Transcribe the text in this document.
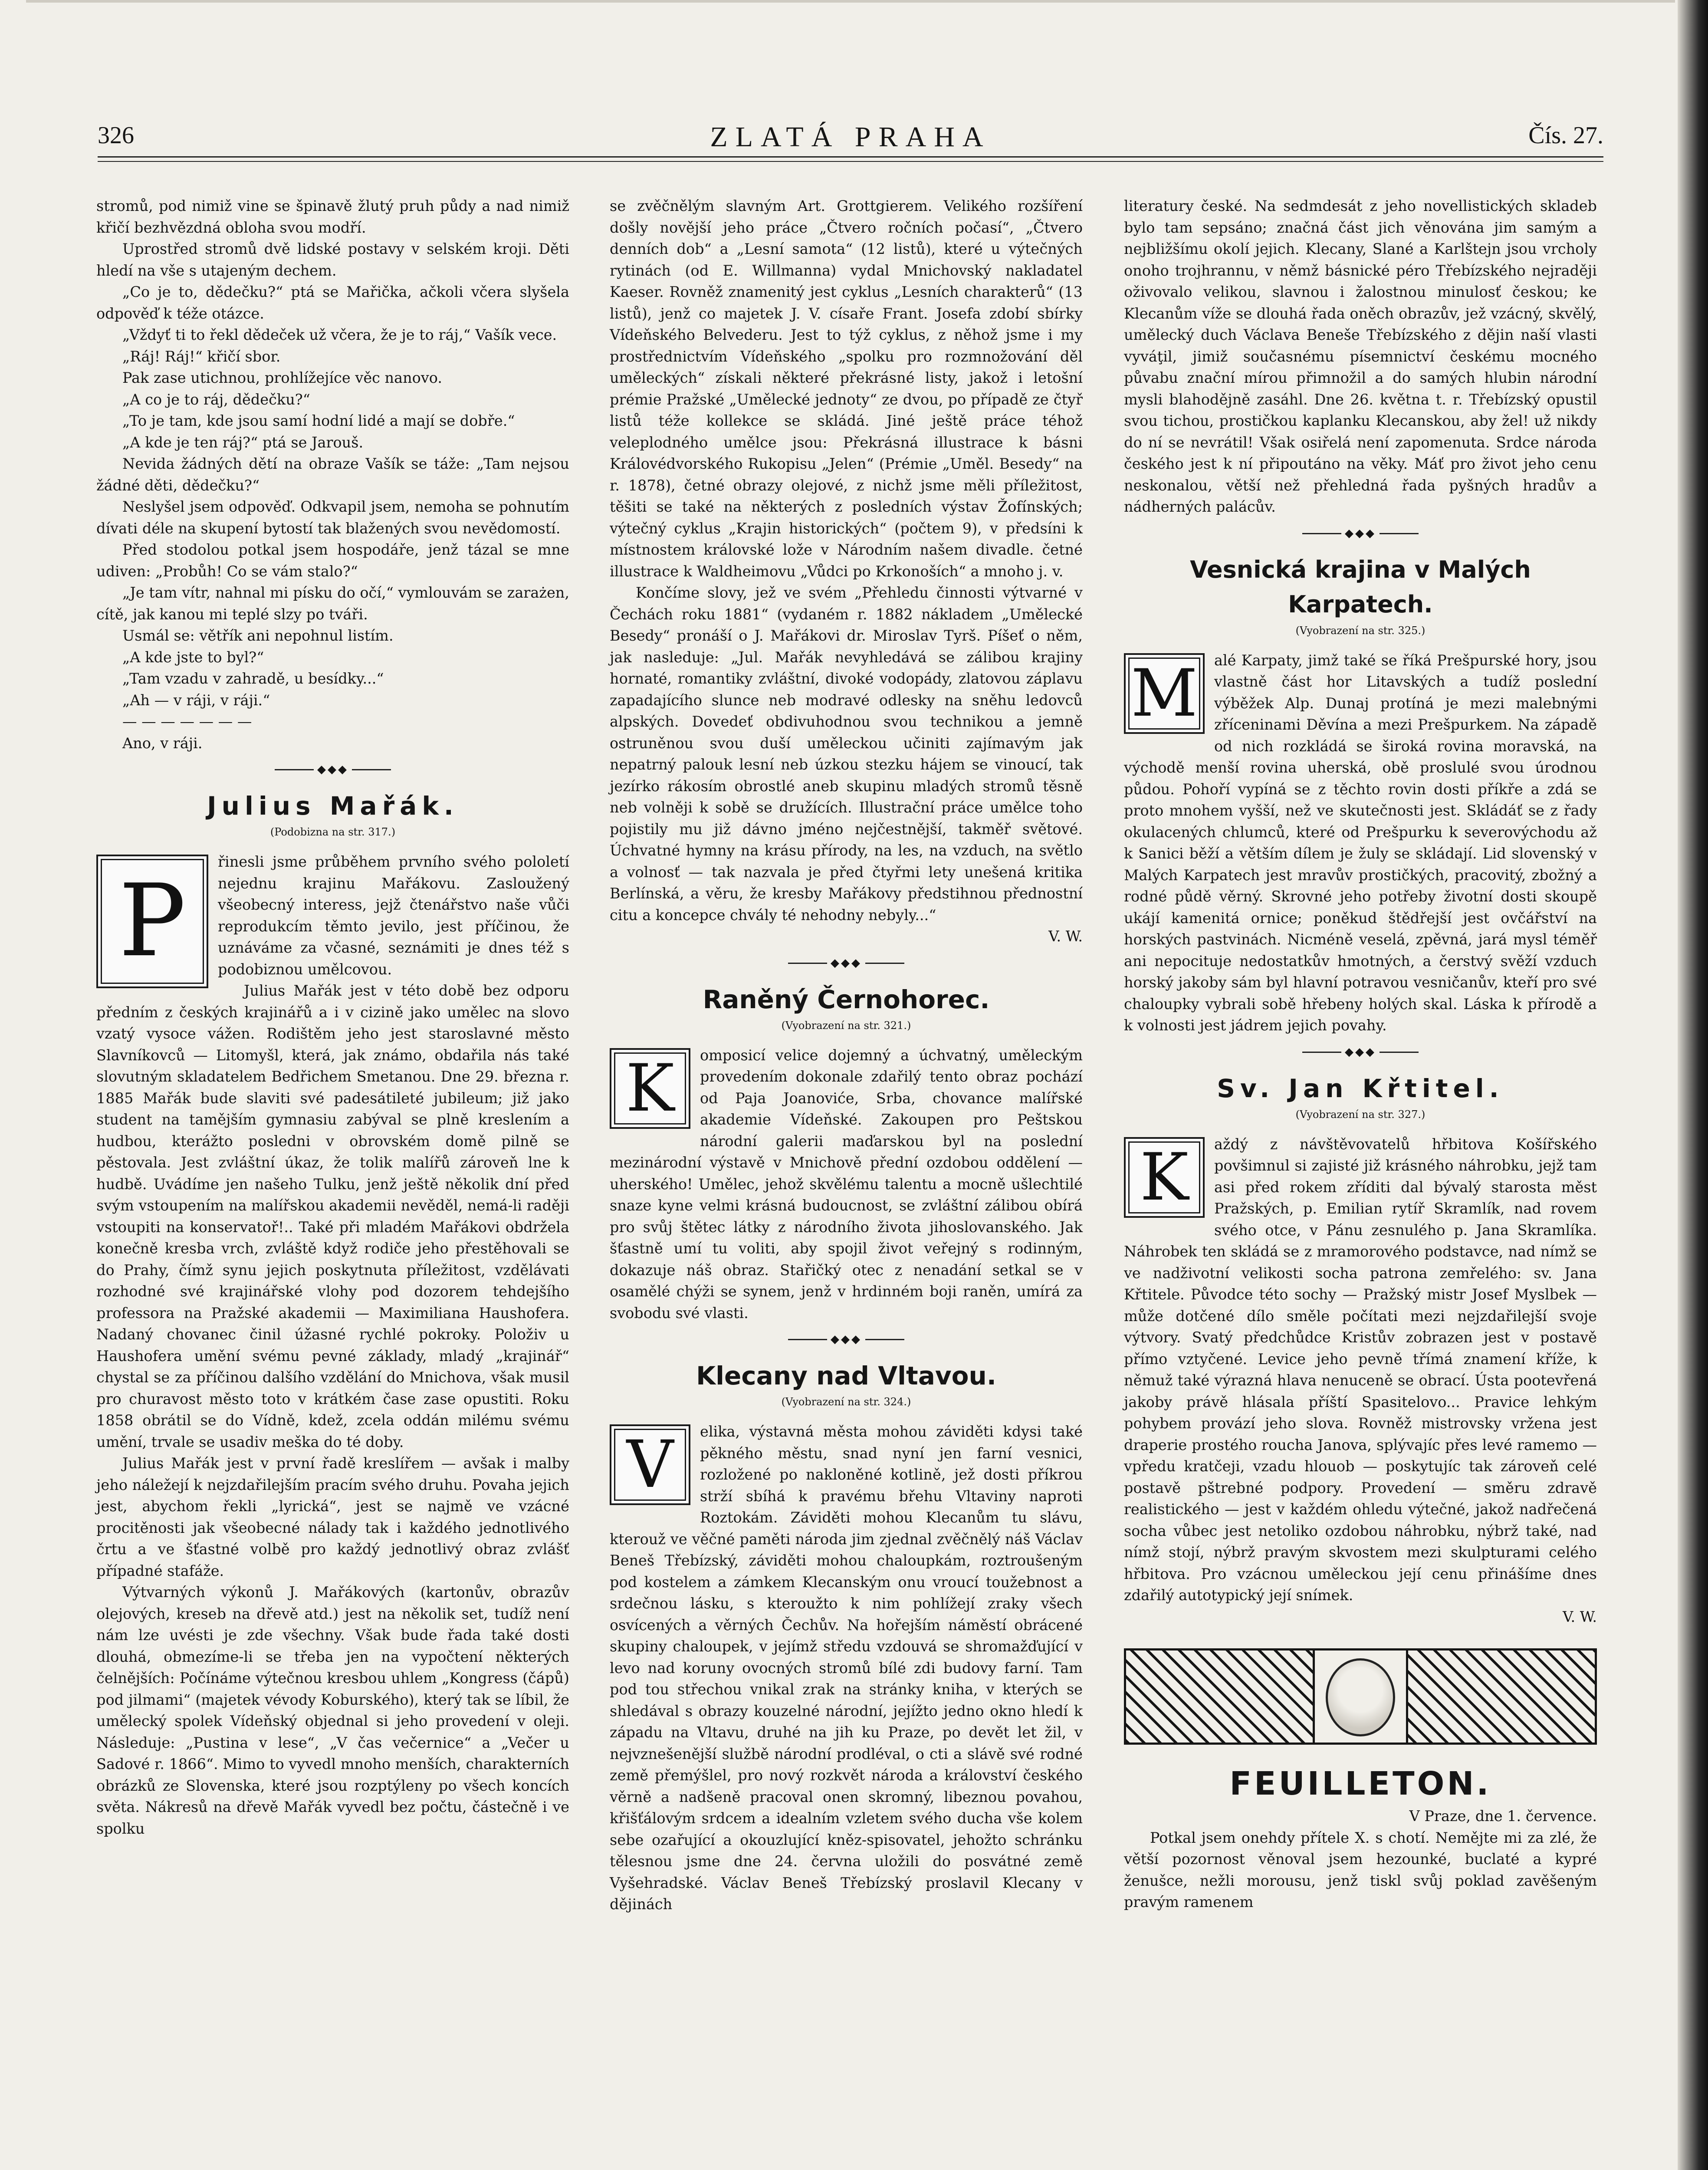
326	ZLATÁ PRAHA	Čís. 27.

stromů, pod nimiž vine se špinavě žlutý pruh půdy a nad nimiž křičí bezhvězdná obloha svou modří.

Uprostřed stromů dvě lidské postavy v selském kroji. Děti hledí na vše s utajeným dechem.

„Co je to, dědečku?“ ptá se Mařička, ačkoli včera slyšela odpověď k téže otázce.

„Vždyť ti to řekl dědeček už včera, že je to ráj,“ Vašík vece.

„Ráj! Ráj!“ křičí sbor.

Pak zase utichnou, prohlížejíce věc nanovo.

„A co je to ráj, dědečku?“

„To je tam, kde jsou samí hodní lidé a mají se dobře.“

„A kde je ten ráj?“ ptá se Jarouš.

Nevida žádných dětí na obraze Vašík se táže: „Tam nejsou žádné děti, dědečku?“

Neslyšel jsem odpověď. Odkvapil jsem, nemoha se pohnutím dívati déle na skupení bytostí tak blažených svou nevědomostí.

Před stodolou potkal jsem hospodáře, jenž tázal se mne udiven: „Probůh! Co se vám stalo?“

„Je tam vítr, nahnal mi písku do očí,“ vymlouvám se zarażen, cítě, jak kanou mi teplé slzy po tváři.

Usmál se: větřík ani nepohnul listím.

„A kde jste to byl?“

„Tam vzadu v zahradě, u besídky...“

„Ah — v ráji, v ráji.“

— — — — — — —

Ano, v ráji.

◆◆◆
Julius Mařák.
(Podobizna na str. 317.)
P

řinesli jsme průběhem prvního svého pololetí nejednu krajinu Mařákovu. Zasloužený všeobecný interess, jejž čtenářstvo naše vůči reprodukcím těmto jevilo, jest příčinou, že uznáváme za včasné, seznámiti je dnes též s podobiznou umělcovou.

Julius Mařák jest v této době bez odporu předním z českých krajinářů a i v cizině jako umělec na slovo vzatý vysoce vážen. Rodištěm jeho jest staroslavné město Slavníkovců — Litomyšl, která, jak známo, obdařila nás také slovutným skladatelem Bedřichem Smetanou. Dne 29. března r. 1885 Mařák bude slaviti své padesátileté jubileum; již jako student na tamějším gymnasiu zabýval se plně kreslením a hudbou, kterážto posledni v obrovském domě pilně se pěstovala. Jest zvláštní úkaz, že tolik malířů zároveň lne k hudbě. Uvádíme jen našeho Tulku, jenž ještě několik dní před svým vstoupením na malířskou akademii nevěděl, nemá-li raději vstoupiti na konservatoř!.. Také při mladém Mařákovi obdržela konečně kresba vrch, zvláště když rodiče jeho přestěhovali se do Prahy, čímž synu jejich poskytnuta příležitost, vzdělávati rozhodné své krajinářské vlohy pod dozorem tehdejšího professora na Pražské akademii — Maximiliana Haushofera. Nadaný chovanec činil úžasné rychlé pokroky. Položiv u Haushofera umění svému pevné základy, mladý „krajinář“ chystal se za příčinou dalšího vzdělání do Mnichova, však musil pro churavost město toto v krátkém čase zase opustiti. Roku 1858 obrátil se do Vídně, kdež, zcela oddán milému svému umění, trvale se usadiv meška do té doby.

Julius Mařák jest v první řadě kreslířem — avšak i malby jeho náležejí k nejzdařilejším pracím svého druhu. Povaha jejich jest, abychom řekli „lyrická“, jest se najmě ve vzácné procitěnosti jak všeobecné nálady tak i každého jednotlivého črtu a ve šťastné volbě pro každý jednotlivý obraz zvlášť případné stafáže.

Výtvarných výkonů J. Mařákových (kartonův, obrazův olejových, kreseb na dřevě atd.) jest na několik set, tudíž není nám lze uvésti je zde všechny. Však bude řada také dosti dlouhá, obmezíme-li se třeba jen na vypočtení některých čelnějších: Počínáme výtečnou kresbou uhlem „Kongress (čápů) pod jilmami“ (majetek vévody Koburského), který tak se líbil, že umělecký spolek Vídeňský objednal si jeho provedení v oleji. Následuje: „Pustina v lese“, „V čas večernice“ a „Večer u Sadové r. 1866“. Mimo to vyvedl mnoho menších, charakterních obrázků ze Slovenska, které jsou rozptýleny po všech koncích světa. Nákresů na dřevě Mařák vyvedl bez počtu, částečně i ve spolku

se zvěčnělým slavným Art. Grottgierem. Velikého rozšíření došly novější jeho práce „Čtvero ročních počasí“, „Čtvero denních dob“ a „Lesní samota“ (12 listů), které u výtečných rytinách (od E. Willmanna) vydal Mnichovský nakladatel Kaeser. Rovněž znamenitý jest cyklus „Lesních charakterů“ (13 listů), jenž co majetek J. V. císaře Frant. Josefa zdobí sbírky Vídeňského Belvederu. Jest to týž cyklus, z něhož jsme i my prostřednictvím Vídeňského „spolku pro rozmnožování děl uměleckých“ získali některé překrásné listy, jakož i letošní prémie Pražské „Umělecké jednoty“ ze dvou, po případě ze čtyř listů téže kollekce se skládá. Jiné ještě práce téhož veleplodného umělce jsou: Překrásná illustrace k básni Královédvorského Rukopisu „Jelen“ (Prémie „Uměl. Besedy“ na r. 1878), četné obrazy olejové, z nichž jsme měli příležitost, těšiti se také na některých z posledních výstav Žofínských; výtečný cyklus „Krajin historických“ (počtem 9), v předsíni k místnostem královské lože v Národním našem divadle. četné illustrace k Waldheimovu „Vůdci po Krkonoších“ a mnoho j. v.

Končíme slovy, jež ve svém „Přehledu činnosti výtvarné v Čechách roku 1881“ (vydaném r. 1882 nákladem „Umělecké Besedy“ pronáší o J. Mařákovi dr. Miroslav Tyrš. Píšeť o něm, jak nasleduje: „Jul. Mařák nevyhledává se zálibou krajiny hornaté, romantiky zvláštní, divoké vodopády, zlatovou záplavu zapadajícího slunce neb modravé odlesky na sněhu ledovců alpských. Dovedeť obdivuhodnou svou technikou a jemně ostruněnou svou duší uměleckou učiniti zajímavým jak nepatrný palouk lesní neb úzkou stezku hájem se vinoucí, tak jezírko rákosím obrostlé aneb skupinu mladých stromů těsně neb volněji k sobě se družících. Illustrační práce umělce toho pojistily mu již dávno jméno nejčestnější, takměř světové. Úchvatné hymny na krásu přírody, na les, na vzduch, na světlo a volnosť — tak nazvala je před čtyřmi lety unešená kritika Berlínská, a věru, že kresby Mařákovy předstihnou přednostní citu a koncepce chvály té nehodny nebyly...“

V. W.

◆◆◆
Raněný Černohorec.
(Vyobrazení na str. 321.)
K	omposicí velice dojemný a úchvatný, uměleckým provedením dokonale zdařilý tento obraz pochází od Paja Joanoviće, Srba, chovance malířské akademie Vídeňské. Zakoupen pro Peštskou národní galerii maďarskou byl na poslední mezinárodní výstavě v Mnichově přední ozdobou oddělení — uherského! Umělec, jehož skvělému talentu a mocně ušlechtilé snaze kyne velmi krásná budoucnost, se zvláštní zálibou obírá pro svůj štětec látky z národního života jihoslovanského. Jak šťastně umí tu voliti, aby spojil život veřejný s rodinným, dokazuje náš obraz. Stařičký otec z nenadání setkal se v osamělé chýži se synem, jenž v hrdinném boji raněn, umírá za svobodu své vlasti.

◆◆◆
Klecany nad Vltavou.
(Vyobrazení na str. 324.)
V	elika, výstavná města mohou záviděti kdysi také pěkného městu, snad nyní jen farní vesnici, rozložené po nakloněné kotlině, jež dosti příkrou strží sbíhá k pravému břehu Vltaviny naproti Roztokám. Záviděti mohou Klecanům tu slávu, kterouž ve věčné paměti národa jim zjednal zvěčnělý náš Václav Beneš Třebízský, záviděti mohou chaloupkám, roztroušeným pod kostelem a zámkem Klecanským onu vroucí toužebnost a srdečnou lásku, s kteroužto k nim pohlížejí zraky všech osvícených a věrných Čechův. Na hořejším náměstí obrácené skupiny chaloupek, v jejímž středu vzdouvá se shromažďující v levo nad koruny ovocných stromů bílé zdi budovy farní. Tam pod tou střechou vnikal zrak na stránky kniha, v kterých se shledával s obrazy kouzelné národní, jejížto jedno okno hledí k západu na Vltavu, druhé na jih ku Praze, po devět let žil, v nejvznešenější službě národní prodléval, o cti a slávě své rodné země přemýšlel, pro nový rozkvět národa a království českého věrně a nadšeně pracoval onen skromný, libeznou povahou, křišťálovým srdcem a idealním vzletem svého ducha vše kolem sebe ozařující a okouzlující kněz-spisovatel, jehožto schránku tělesnou jsme dne 24. června uložili do posvátné země Vyšehradské. Václav Beneš Třebízský proslavil Klecany v dějinách

literatury české. Na sedmdesát z jeho novellistických skladeb bylo tam sepsáno; značná část jich věnována jim samým a nejbližšímu okolí jejich. Klecany, Slané a Karlštejn jsou vrcholy onoho trojhrannu, v němž básnické péro Třebízského nejraději oživovalo velikou, slavnou i žalostnou minulosť českou; ke Klecanům víže se dlouhá řada oněch obrazův, jež vzácný, skvělý, umělecký duch Václava Beneše Třebízského z dějin naší vlasti vyváţil, jimiž současnému písemnictví českému mocného půvabu znační mírou přimnožil a do samých hlubin národní mysli blahodějně zasáhl. Dne 26. května t. r. Třebízský opustil svou tichou, prostičkou kaplanku Klecanskou, aby žel! už nikdy do ní se nevrátil! Však osiřelá není zapomenuta. Srdce národa českého jest k ní připoutáno na věky. Máť pro život jeho cenu neskonalou, větší než přehledná řada pyšných hradův a nádherných palácův.

◆◆◆
Vesnická krajina v Malých Karpatech.
(Vyobrazení na str. 325.)
M	alé Karpaty, jimž také se říká Prešpurské hory, jsou vlastně část hor Litavských a tudíž poslední výběžek Alp. Dunaj protíná je mezi malebnými zříceninami Děvína a mezi Prešpurkem. Na západě od nich rozkládá se široká rovina moravská, na východě menší rovina uherská, obě proslulé svou úrodnou půdou. Pohoří vypíná se z těchto rovin dosti příkře a zdá se proto mnohem vyšší, než ve skutečnosti jest. Skládáť se z řady okulacených chlumců, které od Prešpurku k severovýchodu až k Sanici běží a větším dílem je žuly se skládají. Lid slovenský v Malých Karpatech jest mravův prostičkých, pracovitý, zbožný a rodné půdě věrný. Skrovné jeho potřeby životní dosti skoupě ukájí kamenitá ornice; poněkud štědřejší jest ovčářství na horských pastvinách. Nicméně veselá, zpěvná, jará mysl téměř ani nepocituje nedostatkův hmotných, a čerstvý svěží vzduch horský jakoby sám byl hlavní potravou vesničanův, kteří pro své chaloupky vybrali sobě hřebeny holých skal. Láska k přírodě a k volnosti jest jádrem jejich povahy.

◆◆◆
Sv. Jan Křtitel.
(Vyobrazení na str. 327.)
K	aždý z návštěvovatelů hřbitova Košířského povšimnul si zajisté již krásného náhrobku, jejž tam asi před rokem zříditi dal bývalý starosta měst Pražských, p. Emilian rytíř Skramlík, nad rovem svého otce, v Pánu zesnulého p. Jana Skramlíka. Náhrobek ten skládá se z mramorového podstavce, nad nímž se ve nadživotní velikosti socha patrona zemřelého: sv. Jana Křtitele. Původce této sochy — Pražský mistr Josef Myslbek — může dotčené dílo směle počítati mezi nejzdařilejší svoje výtvory. Svatý předchůdce Kristův zobrazen jest v postavě přímo vztyčené. Levice jeho pevně třímá znamení kříže, k němuž také výrazná hlava nenuceně se obrací. Ústa pootevřená jakoby právě hlásala příští Spasitelovo... Pravice lehkým pohybem provází jeho slova. Rovněž mistrovsky vržena jest draperie prostého roucha Janova, splývajíc přes levé ramemo — vpředu kratčeji, vzadu hlouob — poskytujíc tak zároveň celé postavě pštrebné podpory. Provedení — směru zdravě realistického — jest v každém ohledu výtečné, jakož nadřečená socha vůbec jest netoliko ozdobou náhrobku, nýbrž také, nad nímž stojí, nýbrž pravým skvostem mezi skulpturami celého hřbitova. Pro vzácnou uměleckou její cenu přinášíme dnes zdařilý autotypický její snímek.

V. W.

FEUILLETON.

V Praze, dne 1. července.

Potkal jsem onehdy přítele X. s chotí. Nemějte mi za zlé, že větší pozornost věnoval jsem hezounké, buclaté a kypré ženušce, nežli morousu, jenž tiskl svůj poklad zavěšeným pravým ramenem
